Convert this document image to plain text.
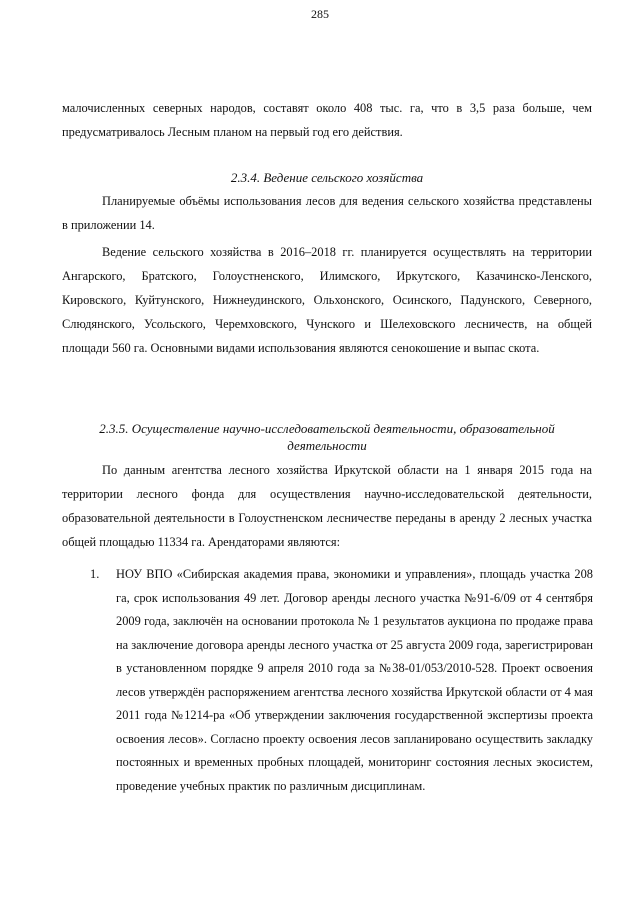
285
малочисленных северных народов, составят около 408 тыс. га, что в 3,5 раза больше, чем предусматривалось Лесным планом на первый год его действия.
2.3.4. Ведение сельского хозяйства
Планируемые объёмы использования лесов для ведения сельского хозяйства представлены в приложении 14.
Ведение сельского хозяйства в 2016–2018 гг. планируется осуществлять на территории Ангарского, Братского, Голоустненского, Илимского, Иркутского, Казачинско-Ленского, Кировского, Куйтунского, Нижнеудинского, Ольхонского, Осинского, Падунского, Северного, Слюдянского, Усольского, Черемховского, Чунского и Шелеховского лесничеств, на общей площади 560 га. Основными видами использования являются сенокошение и выпас скота.
2.3.5. Осуществление научно-исследовательской деятельности, образовательной деятельности
По данным агентства лесного хозяйства Иркутской области на 1 января 2015 года на территории лесного фонда для осуществления научно-исследовательской деятельности, образовательной деятельности в Голоустненском лесничестве переданы в аренду 2 лесных участка общей площадью 11334 га. Арендаторами являются:
1. НОУ ВПО «Сибирская академия права, экономики и управления», площадь участка 208 га, срок использования 49 лет. Договор аренды лесного участка №91-6/09 от 4 сентября 2009 года, заключён на основании протокола № 1 результатов аукциона по продаже права на заключение договора аренды лесного участка от 25 августа 2009 года, зарегистрирован в установленном порядке 9 апреля 2010 года за №38-01/053/2010-528. Проект освоения лесов утверждён распоряжением агентства лесного хозяйства Иркутской области от 4 мая 2011 года №1214-ра «Об утверждении заключения государственной экспертизы проекта освоения лесов». Согласно проекту освоения лесов запланировано осуществить закладку постоянных и временных пробных площадей, мониторинг состояния лесных экосистем, проведение учебных практик по различным дисциплинам.
